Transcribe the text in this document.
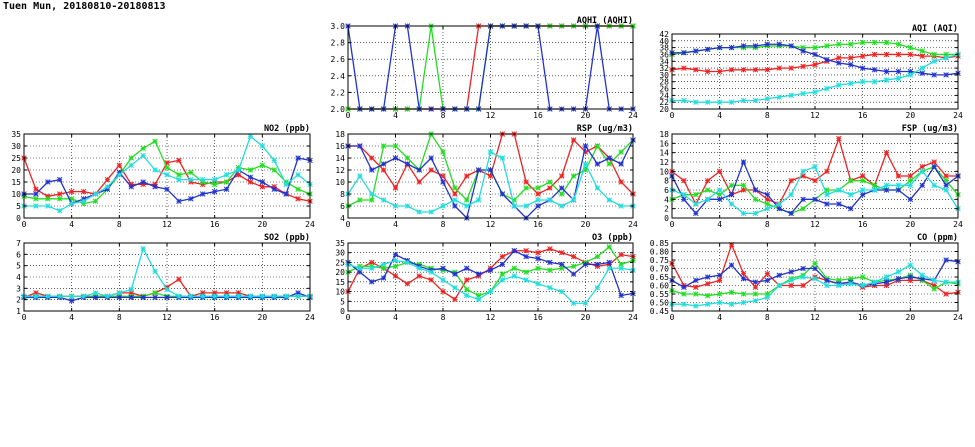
Tuen Mun, 20180810-20180813
0	4	8	12	16	20	24
2.0
2.2
2.4
2.6
2.8
3.0
AQHI (AQHI)
0	4	8	12	16	20	24
20
22
24
26
28
30
32
34
36
38
40
42
AQI (AQI)
0	4	8	12	16	20	24
0
5
10
15
20
25
30
35
NO2 (ppb)
0	4	8	12	16	20	24
4
6
8
10
12
14
16
18
RSP (ug/m3)
0	4	8	12	16	20	24
0
2
4
6
8
10
12
14
16
18
FSP (ug/m3)
0	4	8	12	16	20	24
1
2
3
4
5
6
7
SO2 (ppb)
0	4	8	12	16	20	24
0
5
10
15
20
25
30
35
O3 (ppb)
0	4	8	12	16	20	24
0.45
0.50
0.55
0.60
0.65
0.70
0.75
0.80
0.85
CO (ppm)
